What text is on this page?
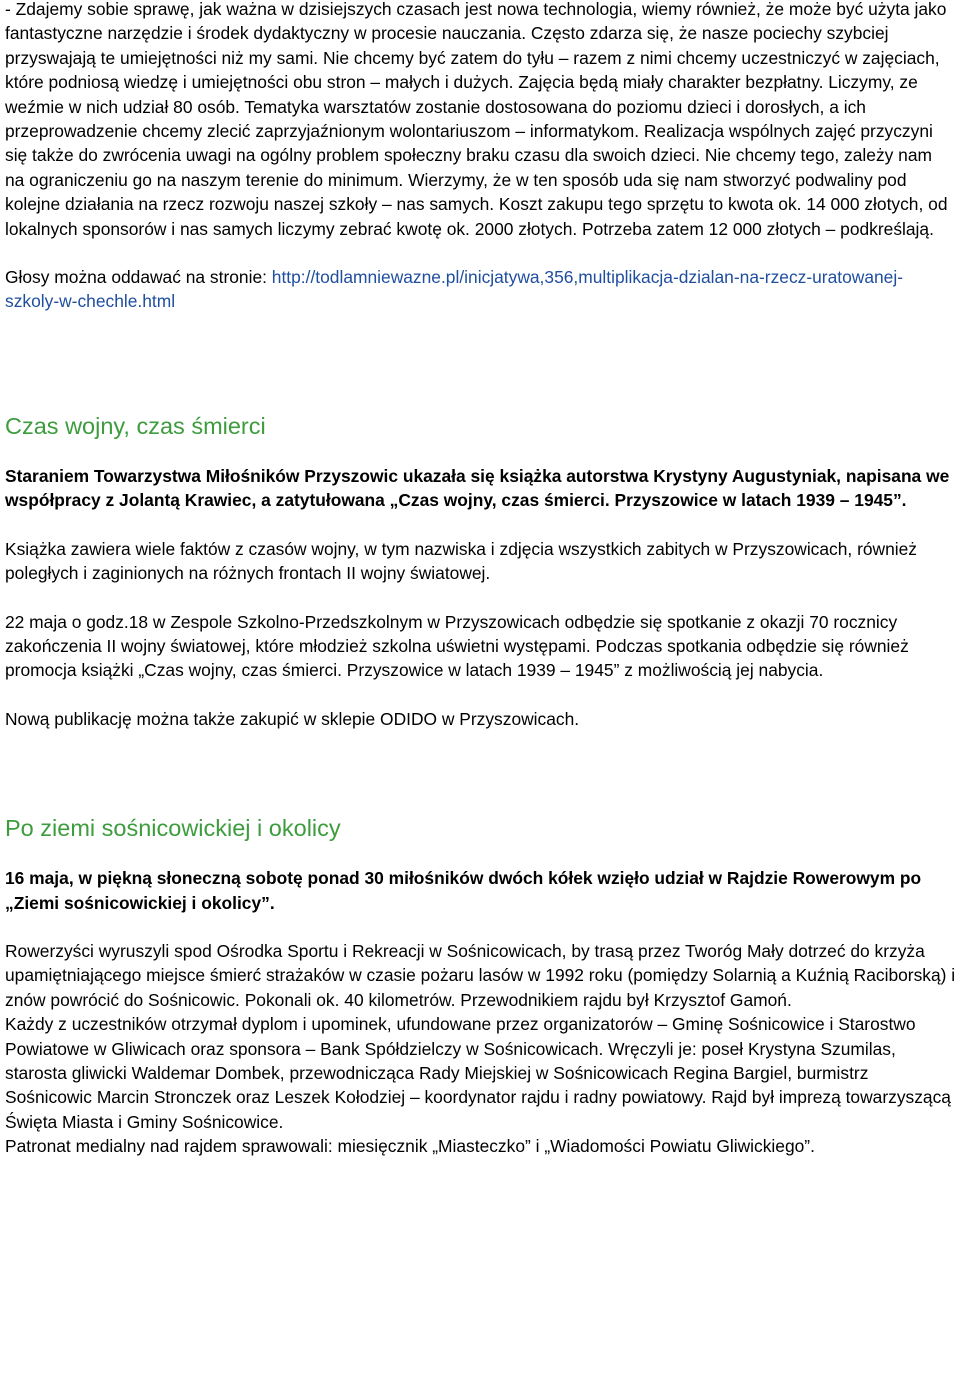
- Zdajemy sobie sprawę, jak ważna w dzisiejszych czasach jest nowa technologia, wiemy również, że może być użyta jako fantastyczne narzędzie i środek dydaktyczny w procesie nauczania. Często zdarza się, że nasze pociechy szybciej przyswajają te umiejętności niż my sami. Nie chcemy być zatem do tyłu – razem z nimi chcemy uczestniczyć w zajęciach, które podniosą wiedzę i umiejętności obu stron – małych i dużych. Zajęcia będą miały charakter bezpłatny. Liczymy, ze weźmie w nich udział 80 osób. Tematyka warsztatów zostanie dostosowana do poziomu dzieci i dorosłych, a ich przeprowadzenie chcemy zlecić zaprzyjaźnionym wolontariuszom – informatykom. Realizacja wspólnych zajęć przyczyni się także do zwrócenia uwagi na ogólny problem społeczny braku czasu dla swoich dzieci. Nie chcemy tego, zależy nam na ograniczeniu go na naszym terenie do minimum. Wierzymy, że w ten sposób uda się nam stworzyć podwaliny pod kolejne działania na rzecz rozwoju naszej szkoły – nas samych. Koszt zakupu tego sprzętu to kwota ok. 14 000 złotych, od lokalnych sponsorów i nas samych liczymy zebrać kwotę ok. 2000 złotych. Potrzeba zatem 12 000 złotych – podkreślają.

Głosy można oddawać na stronie: http://todlamniewazne.pl/inicjatywa,356,multiplikacja-dzialan-na-rzecz-uratowanej-szkoly-w-chechle.html

Czas wojny, czas śmierci

Staraniem Towarzystwa Miłośników Przyszowic ukazała się książka autorstwa Krystyny Augustyniak, napisana we współpracy z Jolantą Krawiec, a zatytułowana „Czas wojny, czas śmierci. Przyszowice w latach 1939 – 1945”.

Książka zawiera wiele faktów z czasów wojny, w tym nazwiska i zdjęcia wszystkich zabitych w Przyszowicach, również poległych i zaginionych na różnych frontach II wojny światowej.

22 maja o godz.18 w Zespole Szkolno-Przedszkolnym w Przyszowicach odbędzie się spotkanie z okazji 70 rocznicy zakończenia II wojny światowej, które młodzież szkolna uświetni występami. Podczas spotkania odbędzie się również promocja książki „Czas wojny, czas śmierci. Przyszowice w latach 1939 – 1945” z możliwością jej nabycia.

Nową publikację można także zakupić w sklepie ODIDO w Przyszowicach.

Po ziemi sośnicowickiej i okolicy

16 maja, w piękną słoneczną sobotę ponad 30 miłośników dwóch kółek wzięło udział w Rajdzie Rowerowym po „Ziemi sośnicowickiej i okolicy”.

Rowerzyści wyruszyli spod Ośrodka Sportu i Rekreacji w Sośnicowicach, by trasą przez Tworóg Mały dotrzeć do krzyża upamiętniającego miejsce śmierć strażaków w czasie pożaru lasów w 1992 roku (pomiędzy Solarnią a Kuźnią Raciborską) i znów powrócić do Sośnicowic. Pokonali ok. 40 kilometrów. Przewodnikiem rajdu był Krzysztof Gamoń.

Każdy z uczestników otrzymał dyplom i upominek, ufundowane przez organizatorów – Gminę Sośnicowice i Starostwo Powiatowe w Gliwicach oraz sponsora – Bank Spółdzielczy w Sośnicowicach. Wręczyli je: poseł Krystyna Szumilas, starosta gliwicki Waldemar Dombek, przewodnicząca Rady Miejskiej w Sośnicowicach Regina Bargiel, burmistrz Sośnicowic Marcin Stronczek oraz Leszek Kołodziej – koordynator rajdu i radny powiatowy. Rajd był imprezą towarzyszącą Święta Miasta i Gminy Sośnicowice.

Patronat medialny nad rajdem sprawowali: miesięcznik „Miasteczko” i „Wiadomości Powiatu Gliwickiego”.
